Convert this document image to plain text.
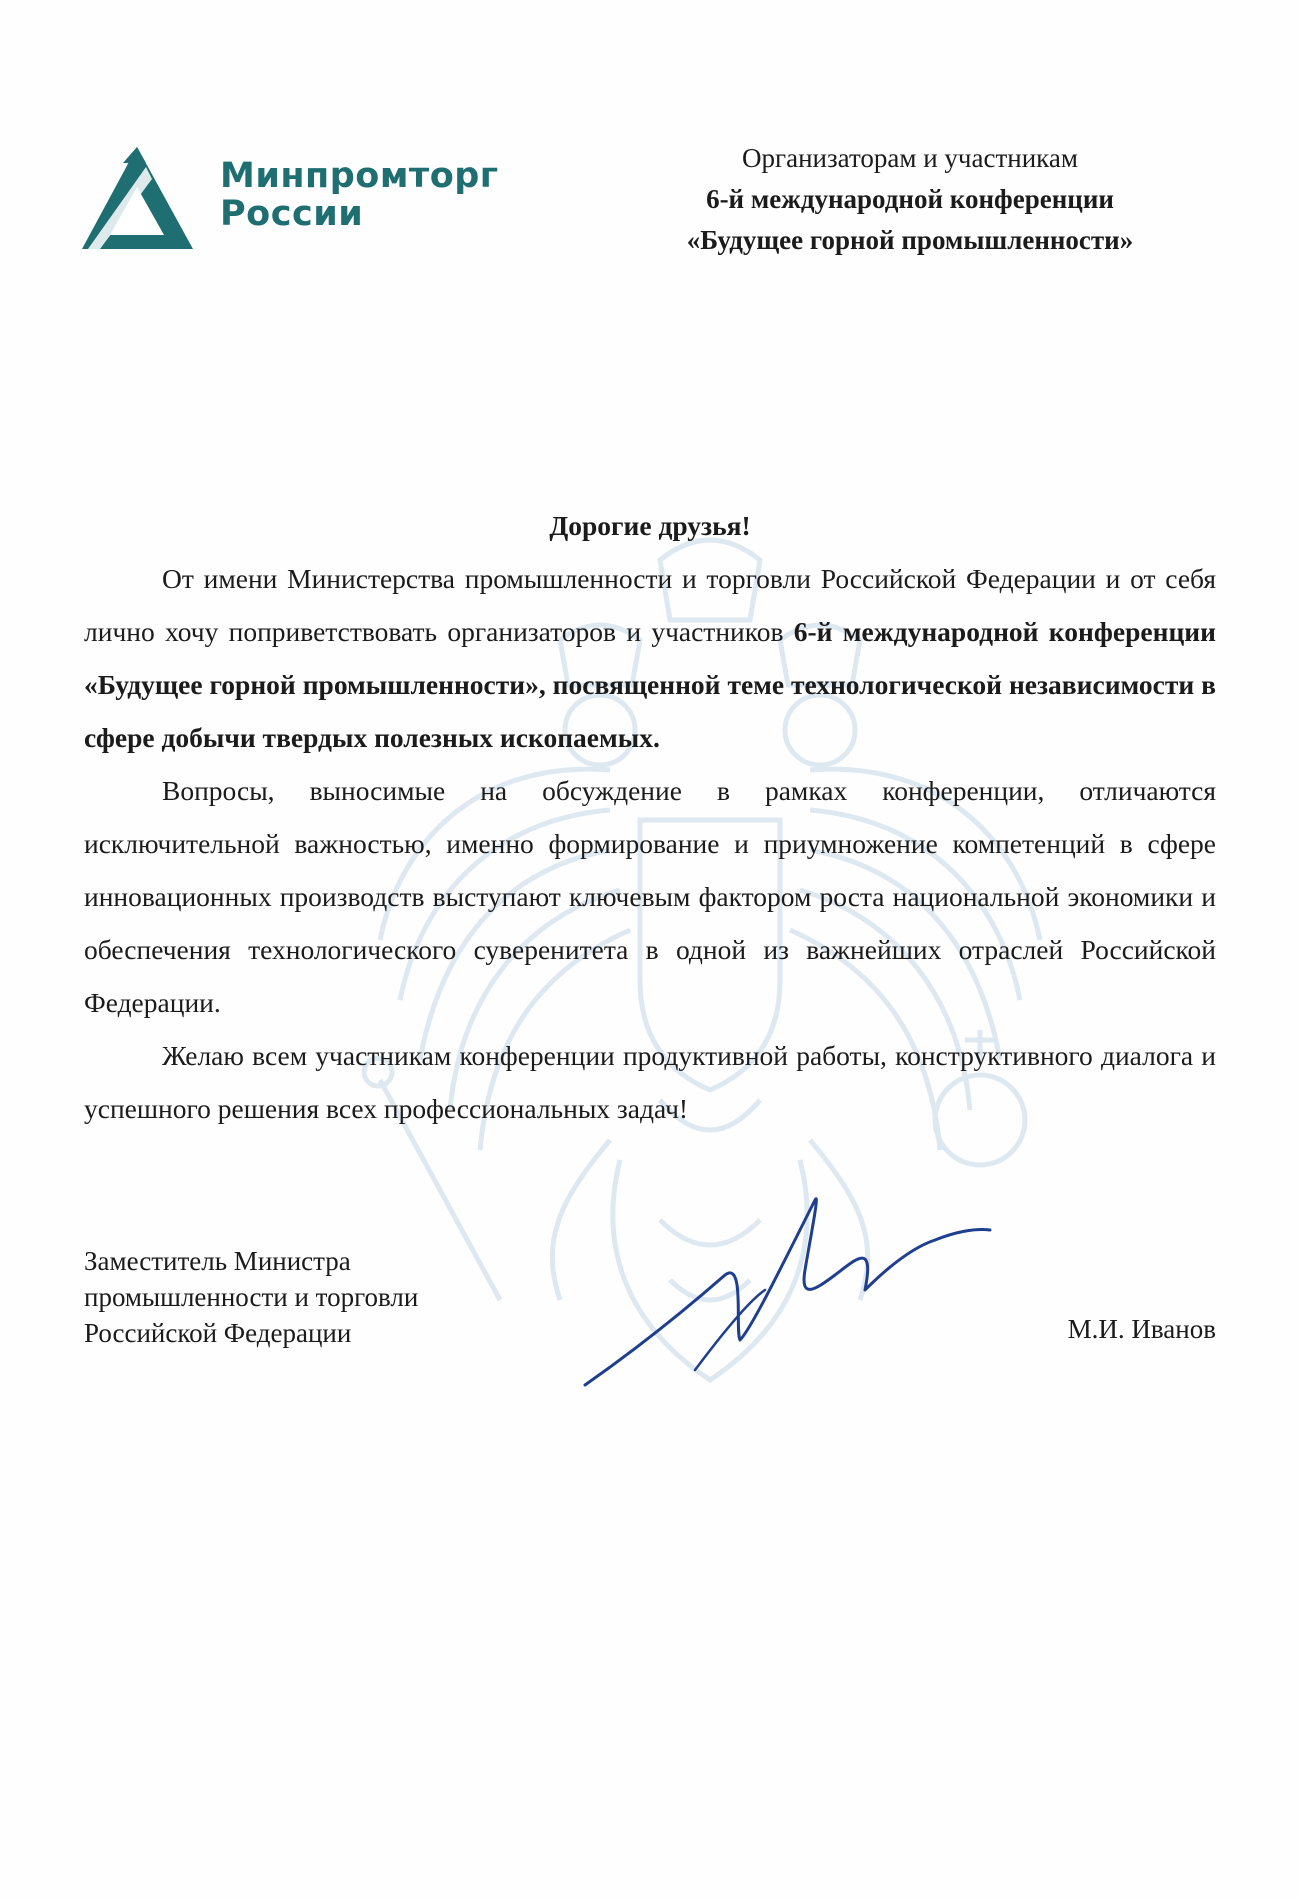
Минпромторг
России
Организаторам и участникам
6-й международной конференции
«Будущее горной промышленности»

Дорогие друзья!

От имени Министерства промышленности и торговли Российской Федерации и от себя лично хочу поприветствовать организаторов и участников 6-й международной конференции «Будущее горной промышленности», посвященной теме технологической независимости в сфере добычи твердых полезных ископаемых.

Вопросы, выносимые на обсуждение в рамках конференции, отличаются исключительной важностью, именно формирование и приумножение компетенций в сфере инновационных производств выступают ключевым фактором роста национальной экономики и обеспечения технологического суверенитета в одной из важнейших отраслей Российской Федерации.

Желаю всем участникам конференции продуктивной работы, конструктивного диалога и успешного решения всех профессиональных задач!

Заместитель Министра
промышленности и торговли
Российской Федерации	М.И. Иванов
